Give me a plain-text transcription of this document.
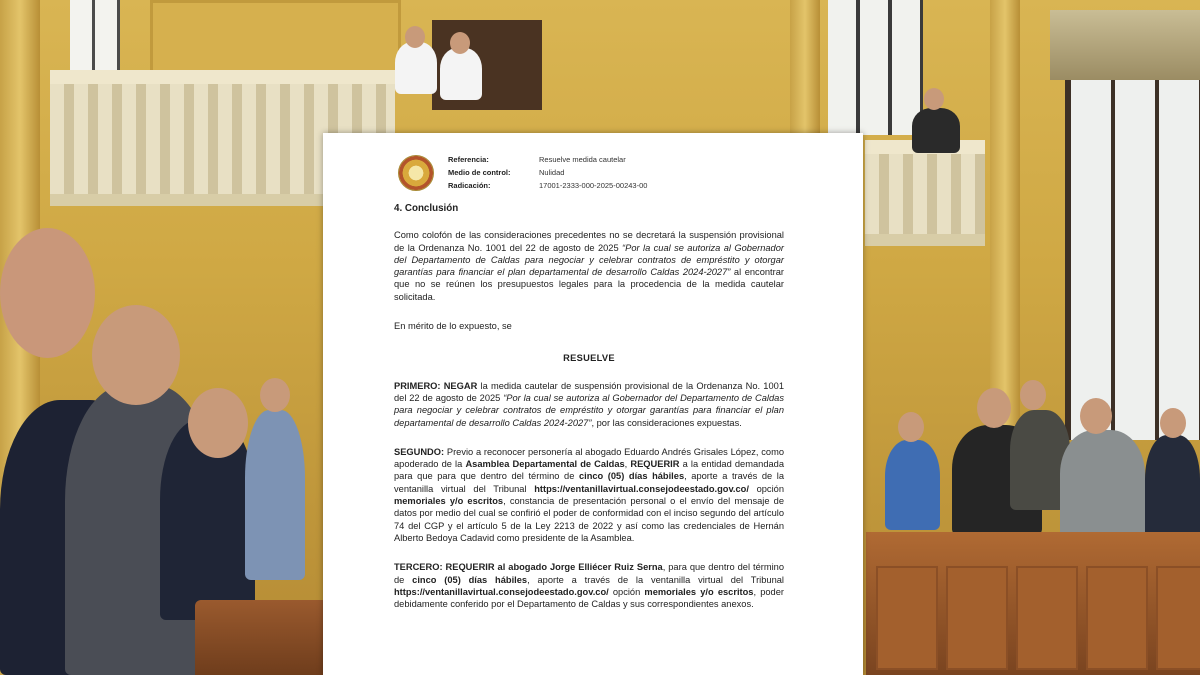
Referencia:	Resuelve medida cautelar
Medio de control:	Nulidad
Radicación:	17001-2333-000-2025-00243-00
4. Conclusión

Como colofón de las consideraciones precedentes no se decretará la suspensión provisional de la Ordenanza No. 1001 del 22 de agosto de 2025 “Por la cual se autoriza al Gobernador del Departamento de Caldas para negociar y celebrar contratos de empréstito y otorgar garantías para financiar el plan departamental de desarrollo Caldas 2024-2027” al encontrar que no se reúnen los presupuestos legales para la procedencia de la medida cautelar solicitada.

En mérito de lo expuesto, se

RESUELVE

PRIMERO: NEGAR la medida cautelar de suspensión provisional de la Ordenanza No. 1001 del 22 de agosto de 2025 “Por la cual se autoriza al Gobernador del Departamento de Caldas para negociar y celebrar contratos de empréstito y otorgar garantías para financiar el plan departamental de desarrollo Caldas 2024-2027”, por las consideraciones expuestas.

SEGUNDO: Previo a reconocer personería al abogado Eduardo Andrés Grisales López, como apoderado de la Asamblea Departamental de Caldas, REQUERIR a la entidad demandada para que para que dentro del término de cinco (05) días hábiles, aporte a través de la ventanilla virtual del Tribunal https://ventanillavirtual.consejodeestado.gov.co/ opción memoriales y/o escritos, constancia de presentación personal o el envío del mensaje de datos por medio del cual se confirió el poder de conformidad con el inciso segundo del artículo 74 del CGP y el artículo 5 de la Ley 2213 de 2022 y así como las credenciales de Hernán Alberto Bedoya Cadavid como presidente de la Asamblea.

TERCERO: REQUERIR al abogado Jorge Elliécer Ruiz Serna, para que dentro del término de cinco (05) días hábiles, aporte a través de la ventanilla virtual del Tribunal https://ventanillavirtual.consejodeestado.gov.co/ opción memoriales y/o escritos, poder debidamente conferido por el Departamento de Caldas y sus correspondientes anexos.
